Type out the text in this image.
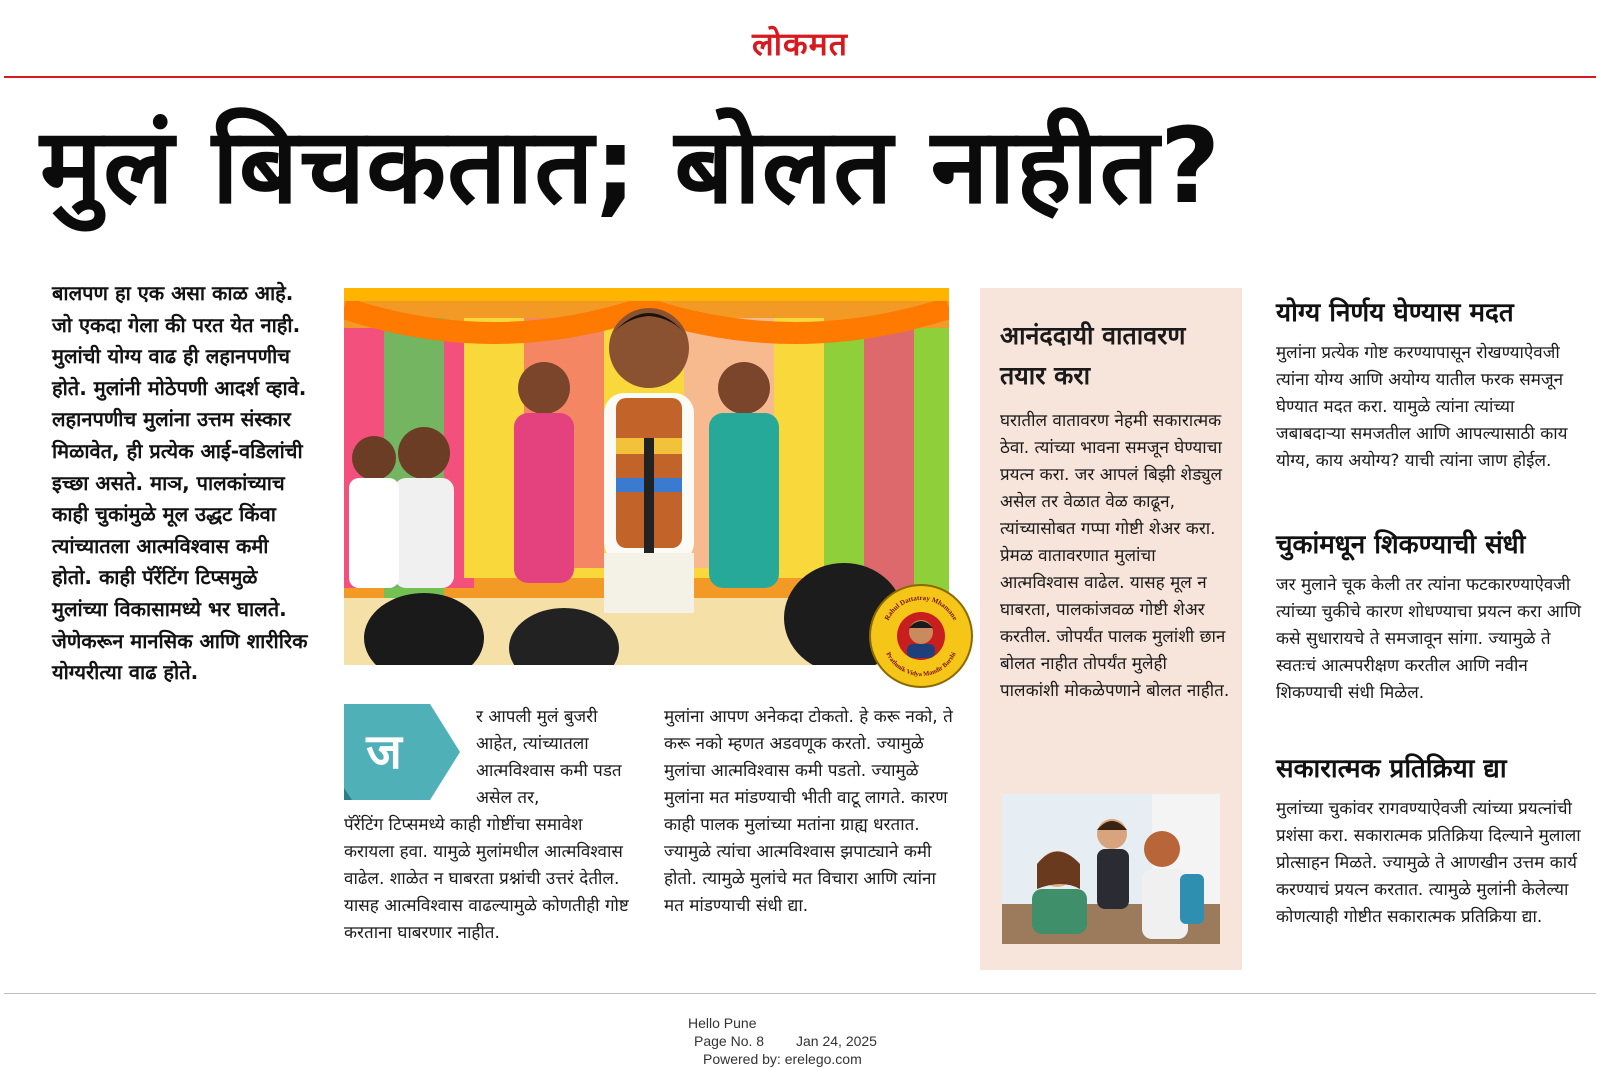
लोकमत
मुलं बिचकतात; बोलत नाहीत?
बालपण हा एक असा काळ आहे. जो एकदा गेला की परत येत नाही. मुलांची योग्य वाढ ही लहानपणीच होते. मुलांनी मोठेपणी आदर्श व्हावे. लहानपणीच मुलांना उत्तम संस्कार मिळावेत, ही प्रत्येक आई-वडिलांची इच्छा असते. माञ, पालकांच्याच काही चुकांमुळे मूल उद्धट किंवा त्यांच्यातला आत्मविश्वास कमी होतो. काही पॅरेंटिंग टिप्समुळे मुलांच्या विकासामध्ये भर घालते. जेणेकरून मानसिक आणि शारीरिक योग्यरीत्या वाढ होते.
Rahul Dattatray Mhamane
Prathmik Vidya Mandir Barshi
ज
र आपली मुलं बुजरी आहेत, त्यांच्यातला आत्मविश्वास कमी पडत असेल तर,
पॅरेंटिंग टिप्समध्ये काही गोष्टींचा समावेश करायला हवा. यामुळे मुलांमधील आत्मविश्वास वाढेल. शाळेत न घाबरता प्रश्नांची उत्तरं देतील. यासह आत्मविश्वास वाढल्यामुळे कोणतीही गोष्ट करताना घाबरणार नाहीत.
मुलांना आपण अनेकदा टोकतो. हे करू नको, ते करू नको म्हणत अडवणूक करतो. ज्यामुळे मुलांचा आत्मविश्वास कमी पडतो. ज्यामुळे मुलांना मत मांडण्याची भीती वाटू लागते. कारण काही पालक मुलांच्या मतांना ग्राह्य धरतात. ज्यामुळे त्यांचा आत्मविश्वास झपाट्याने कमी होतो. त्यामुळे मुलांचे मत विचारा आणि त्यांना मत मांडण्याची संधी द्या.
आनंददायी वातावरण तयार करा
घरातील वातावरण नेहमी सकारात्मक ठेवा. त्यांच्या भावना समजून घेण्याचा प्रयत्न करा. जर आपलं बिझी शेड्युल असेल तर वेळात वेळ काढून, त्यांच्यासोबत गप्पा गोष्टी शेअर करा. प्रेमळ वातावरणात मुलांचा आत्मविश्वास वाढेल. यासह मूल न घाबरता, पालकांजवळ गोष्टी शेअर करतील. जोपर्यंत पालक मुलांशी छान बोलत नाहीत तोपर्यंत मुलेही पालकांशी मोकळेपणाने बोलत नाहीत.
योग्य निर्णय घेण्यास मदत
मुलांना प्रत्येक गोष्ट करण्यापासून रोखण्याऐवजी त्यांना योग्य आणि अयोग्य यातील फरक समजून घेण्यात मदत करा. यामुळे त्यांना त्यांच्या जबाबदाऱ्या समजतील आणि आपल्यासाठी काय योग्य, काय अयोग्य? याची त्यांना जाण होईल.
चुकांमधून शिकण्याची संधी
जर मुलाने चूक केली तर त्यांना फटकारण्याऐवजी त्यांच्या चुकीचे कारण शोधण्याचा प्रयत्न करा आणि कसे सुधारायचे ते समजावून सांगा. ज्यामुळे ते स्वतःचं आत्मपरीक्षण करतील आणि नवीन शिकण्याची संधी मिळेल.
सकारात्मक प्रतिक्रिया द्या
मुलांच्या चुकांवर रागवण्याऐवजी त्यांच्या प्रयत्नांची प्रशंसा करा. सकारात्मक प्रतिक्रिया दिल्याने मुलाला प्रोत्साहन मिळते. ज्यामुळे ते आणखीन उत्तम कार्य करण्याचं प्रयत्न करतात. त्यामुळे मुलांनी केलेल्या कोणत्याही गोष्टीत सकारात्मक प्रतिक्रिया द्या.
Hello Pune
Page No. 8 Jan 24, 2025
Powered by: erelego.com
